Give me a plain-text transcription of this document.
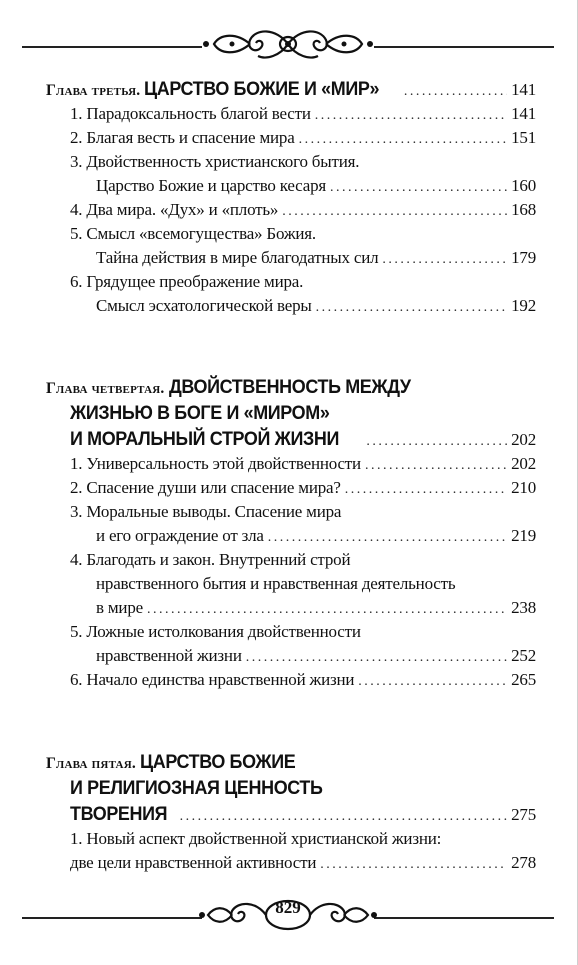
Глава третья. ЦАРСТВО БОЖИЕ И «МИР» .....	141
1. Парадоксальность благой вести .....	141
2. Благая весть и спасение мира .....	151
3. Двойственность христианского бытия.
Царство Божие и царство кесаря .....	160
4. Два мира. «Дух» и «плоть» .....	168
5. Смысл «всемогущества» Божия.
Тайна действия в мире благодатных сил .....	179
6. Грядущее преображение мира.
Смысл эсхатологической веры .....	192
Глава четвертая. ДВОЙСТВЕННОСТЬ МЕЖДУ
ЖИЗНЬЮ В БОГЕ И «МИРОМ»
И МОРАЛЬНЫЙ СТРОЙ ЖИЗНИ .....	202
1. Универсальность этой двойственности .....	202
2. Спасение души или спасение мира? .....	210
3. Моральные выводы. Спасение мира
и его ограждение от зла .....	219
4. Благодать и закон. Внутренний строй
нравственного бытия и нравственная деятельность
в мире .....	238
5. Ложные истолкования двойственности
нравственной жизни .....	252
6. Начало единства нравственной жизни .....	265
Глава пятая. ЦАРСТВО БОЖИЕ
И РЕЛИГИОЗНАЯ ЦЕННОСТЬ
ТВОРЕНИЯ .....	275
1. Новый аспект двойственной христианской жизни:
две цели нравственной активности .....	278
829
